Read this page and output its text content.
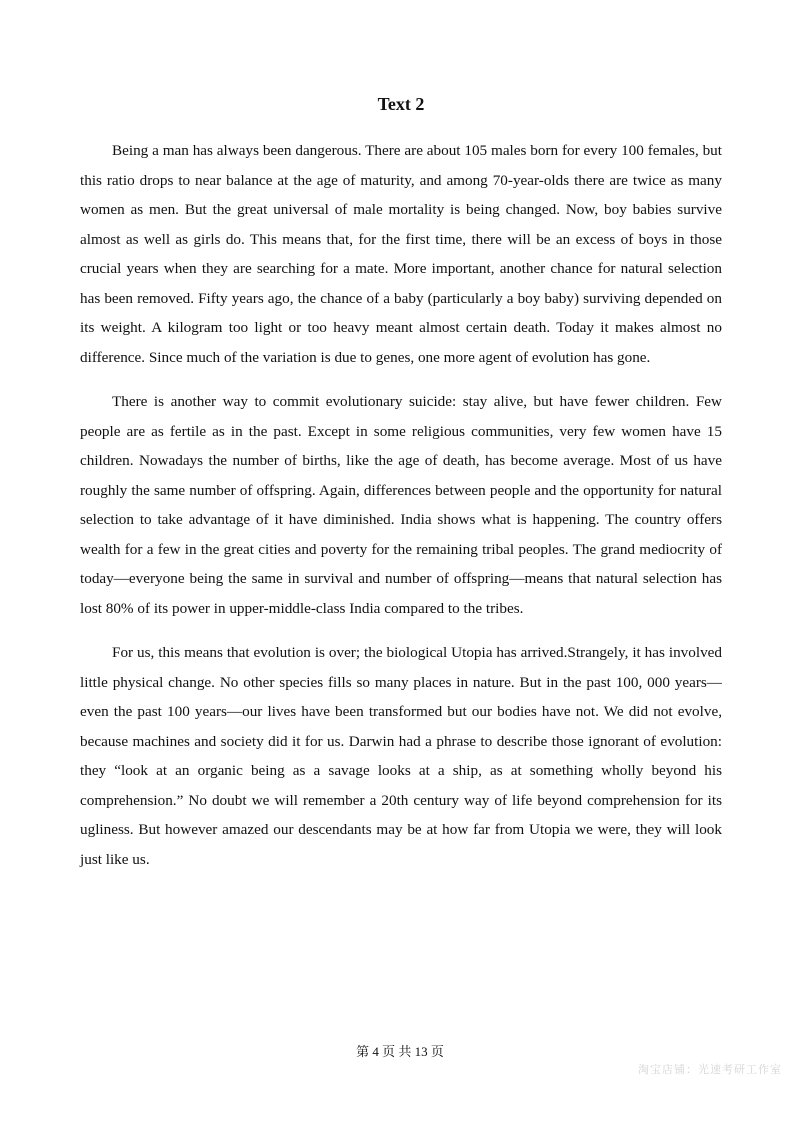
Text 2

Being a man has always been dangerous. There are about 105 males born for every 100 females, but this ratio drops to near balance at the age of maturity, and among 70-year-olds there are twice as many women as men. But the great universal of male mortality is being changed. Now, boy babies survive almost as well as girls do. This means that, for the first time, there will be an excess of boys in those crucial years when they are searching for a mate. More important, another chance for natural selection has been removed. Fifty years ago, the chance of a baby (particularly a boy baby) surviving depended on its weight. A kilogram too light or too heavy meant almost certain death. Today it makes almost no difference. Since much of the variation is due to genes, one more agent of evolution has gone.

There is another way to commit evolutionary suicide: stay alive, but have fewer children. Few people are as fertile as in the past. Except in some religious communities, very few women have 15 children. Nowadays the number of births, like the age of death, has become average. Most of us have roughly the same number of offspring. Again, differences between people and the opportunity for natural selection to take advantage of it have diminished. India shows what is happening. The country offers wealth for a few in the great cities and poverty for the remaining tribal peoples. The grand mediocrity of today—everyone being the same in survival and number of offspring—means that natural selection has lost 80% of its power in upper-middle-class India compared to the tribes.

For us, this means that evolution is over; the biological Utopia has arrived.Strangely, it has involved little physical change. No other species fills so many places in nature. But in the past 100, 000 years—even the past 100 years—our lives have been transformed but our bodies have not. We did not evolve, because machines and society did it for us. Darwin had a phrase to describe those ignorant of evolution: they “look at an organic being as a savage looks at a ship, as at something wholly beyond his comprehension.” No doubt we will remember a 20th century way of life beyond comprehension for its ugliness. But however amazed our descendants may be at how far from Utopia we were, they will look just like us.

第 4 页 共 13 页
淘宝店铺：光速考研工作室
